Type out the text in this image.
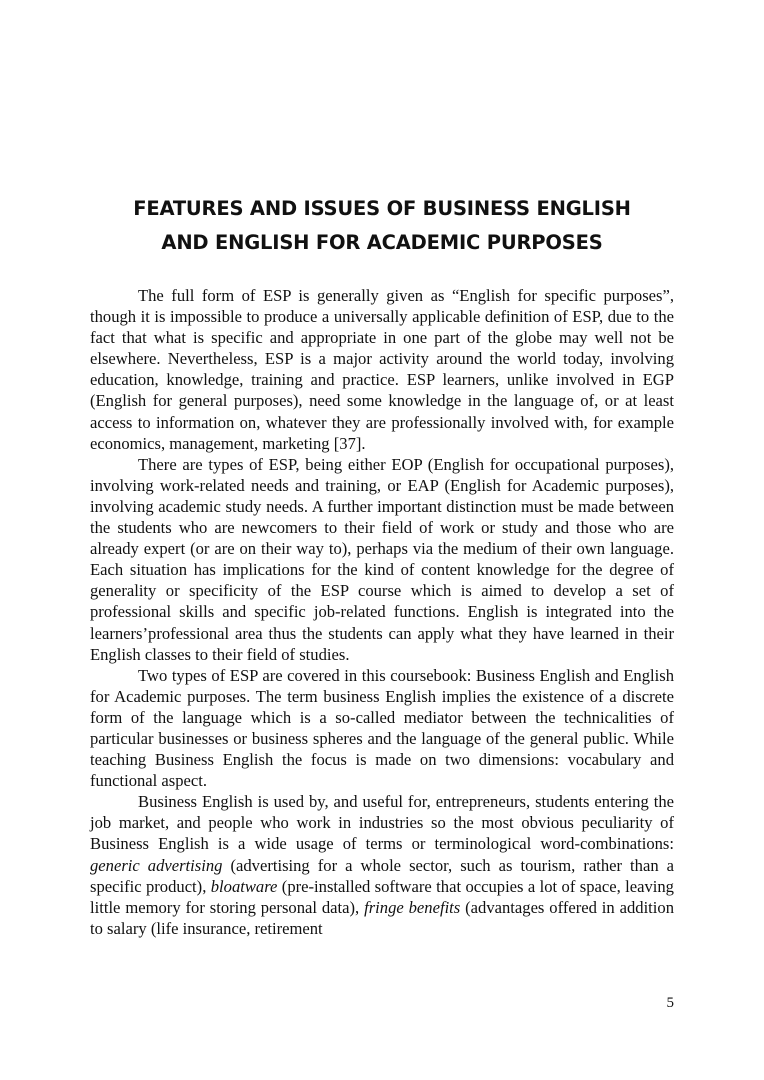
FEATURES AND ISSUES OF BUSINESS ENGLISH
AND ENGLISH FOR ACADEMIC PURPOSES

The full form of ESP is generally given as “English for specific purposes”, though it is impossible to produce a universally applicable definition of ESP, due to the fact that what is specific and appropriate in one part of the globe may well not be elsewhere. Nevertheless, ESP is a major activity around the world today, involving education, knowledge, training and practice. ESP learners, unlike involved in EGP (English for general purposes), need some knowledge in the language of, or at least access to information on, whatever they are professionally involved with, for example economics, management, marketing [37].

There are types of ESP, being either EOP (English for occupational purposes), involving work-related needs and training, or EAP (English for Academic purposes), involving academic study needs. A further important distinction must be made between the students who are newcomers to their field of work or study and those who are already expert (or are on their way to), perhaps via the medium of their own language. Each situation has implications for the kind of content knowledge for the degree of generality or specificity of the ESP course which is aimed to develop a set of professional skills and specific job-related functions. English is integrated into the learners’professional area thus the students can apply what they have learned in their English classes to their field of studies.

Two types of ESP are covered in this coursebook: Business English and English for Academic purposes. The term business English implies the existence of a discrete form of the language which is a so-called mediator between the technicalities of particular businesses or business spheres and the language of the general public. While teaching Business English the focus is made on two dimensions: vocabulary and functional aspect.

Business English is used by, and useful for, entrepreneurs, students entering the job market, and people who work in industries so the most obvious peculiarity of Business English is a wide usage of terms or terminological word-combinations: generic advertising (advertising for a whole sector, such as tourism, rather than a specific product), bloatware (pre-installed software that occupies a lot of space, leaving little memory for storing personal data), fringe benefits (advantages offered in addition to salary (life insurance, retirement

5
